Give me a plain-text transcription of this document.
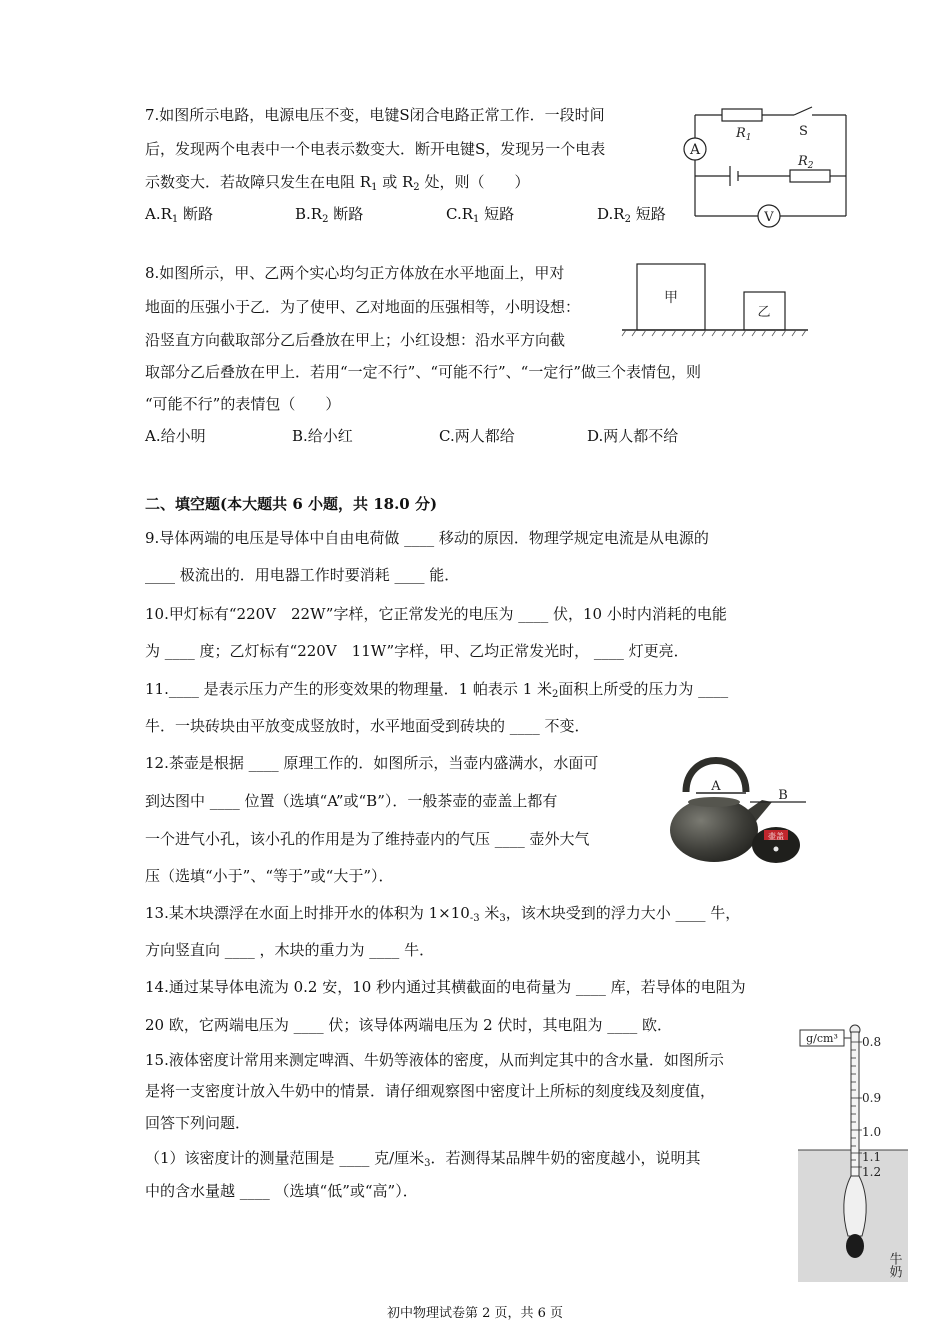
7.如图所示电路，电源电压不变，电键S闭合电路正常工作．一段时间
后，发现两个电表中一个电表示数变大．断开电键S，发现另一个电表
示数变大．若故障只发生在电阻 $R_1$ 或 $R_2$ 处，则（　　）
$A.R_1$ 断路	$B.R_2$ 断路	$C.R_1$ 短路	$D.R_2$ 短路
A
V
$R_1$	S
$R_2$
8.如图所示，甲、乙两个实心均匀正方体放在水平地面上，甲对
地面的压强小于乙．为了使甲、乙对地面的压强相等，小明设想：
沿竖直方向截取部分乙后叠放在甲上；小红设想：沿水平方向截
取部分乙后叠放在甲上．若用“一定不行”、“可能不行”、“一定行”做三个表情包，则
“可能不行”的表情包（　　）
A.给小明	B.给小红	C.两人都给	D.两人都不给
甲
乙
二、填空题(本大题共 6 小题，共 18.0 分)
9.导体两端的电压是导体中自由电荷做 ____ 移动的原因．物理学规定电流是从电源的
____ 极流出的．用电器工作时要消耗 ____ 能．
10.甲灯标有“220V　22W”字样，它正常发光的电压为 ____ 伏，10 小时内消耗的电能
为 ____ 度；乙灯标有“220V　11W”字样，甲、乙均正常发光时， ____ 灯更亮．
11.____ 是表示压力产生的形变效果的物理量．1 帕表示 1 米$_2$面积上所受的压力为 ____
牛．一块砖块由平放变成竖放时，水平地面受到砖块的 ____ 不变．
12.茶壶是根据 ____ 原理工作的．如图所示，当壶内盛满水，水面可
到达图中 ____ 位置（选填“A”或“B”）．一般茶壶的壶盖上都有
一个进气小孔，该小孔的作用是为了维持壶内的气压 ____ 壶外大气
压（选填“小于”、“等于”或“大于”）．
壶盖
A
B
13.某木块漂浮在水面上时排开水的体积为 $1\times 10_{-3}$ 米$_3$，该木块受到的浮力大小 ____ 牛，
方向竖直向 ____ ，木块的重力为 ____ 牛．
14.通过某导体电流为 0.2 安，10 秒内通过其横截面的电荷量为 ____ 库，若导体的电阻为
20 欧，它两端电压为 ____ 伏；该导体两端电压为 2 伏时，其电阻为 ____ 欧．
15.液体密度计常用来测定啤酒、牛奶等液体的密度，从而判定其中的含水量．如图所示
是将一支密度计放入牛奶中的情景．请仔细观察图中密度计上所标的刻度线及刻度值，
回答下列问题．
（1）该密度计的测量范围是 ____ 克/厘米$_3$．若测得某品牌牛奶的密度越小，说明其
中的含水量越 ____ （选填“低”或“高”）．
g/cm³ 0.8
0.9
1.0
1.1
1.2
牛奶
初中物理试卷第 2 页，共 6 页
